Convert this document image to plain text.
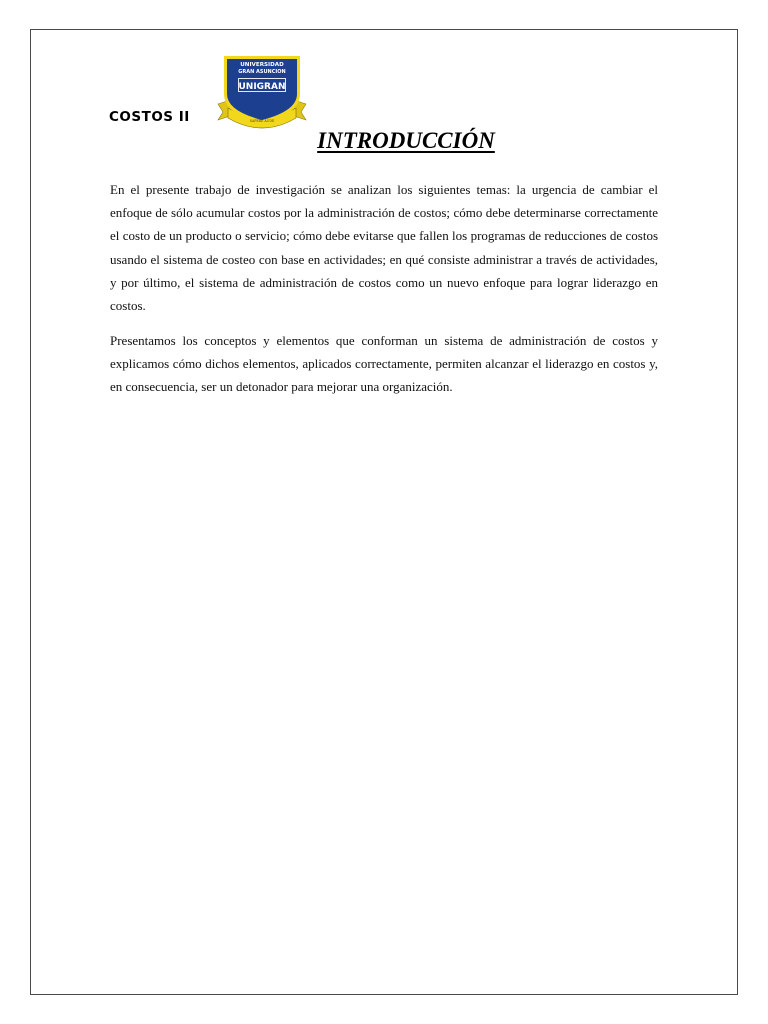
COSTOS II
UNIVERSIDAD
GRAN ASUNCION
UNIGRAN
SAPERE AUDE
INTRODUCCIÓN

En el presente trabajo de investigación se analizan los siguientes temas: la urgencia de cambiar el enfoque de sólo acumular costos por la administración de costos; cómo debe determinarse correctamente el costo de un producto o servicio; cómo debe evitarse que fallen los programas de reducciones de costos usando el sistema de costeo con base en actividades; en qué consiste administrar a través de actividades, y por último, el sistema de administración de costos como un nuevo enfoque para lograr liderazgo en costos.

Presentamos los conceptos y elementos que conforman un sistema de administración de costos y explicamos cómo dichos elementos, aplicados correctamente, permiten alcanzar el liderazgo en costos y, en consecuencia, ser un detonador para mejorar una organización.
